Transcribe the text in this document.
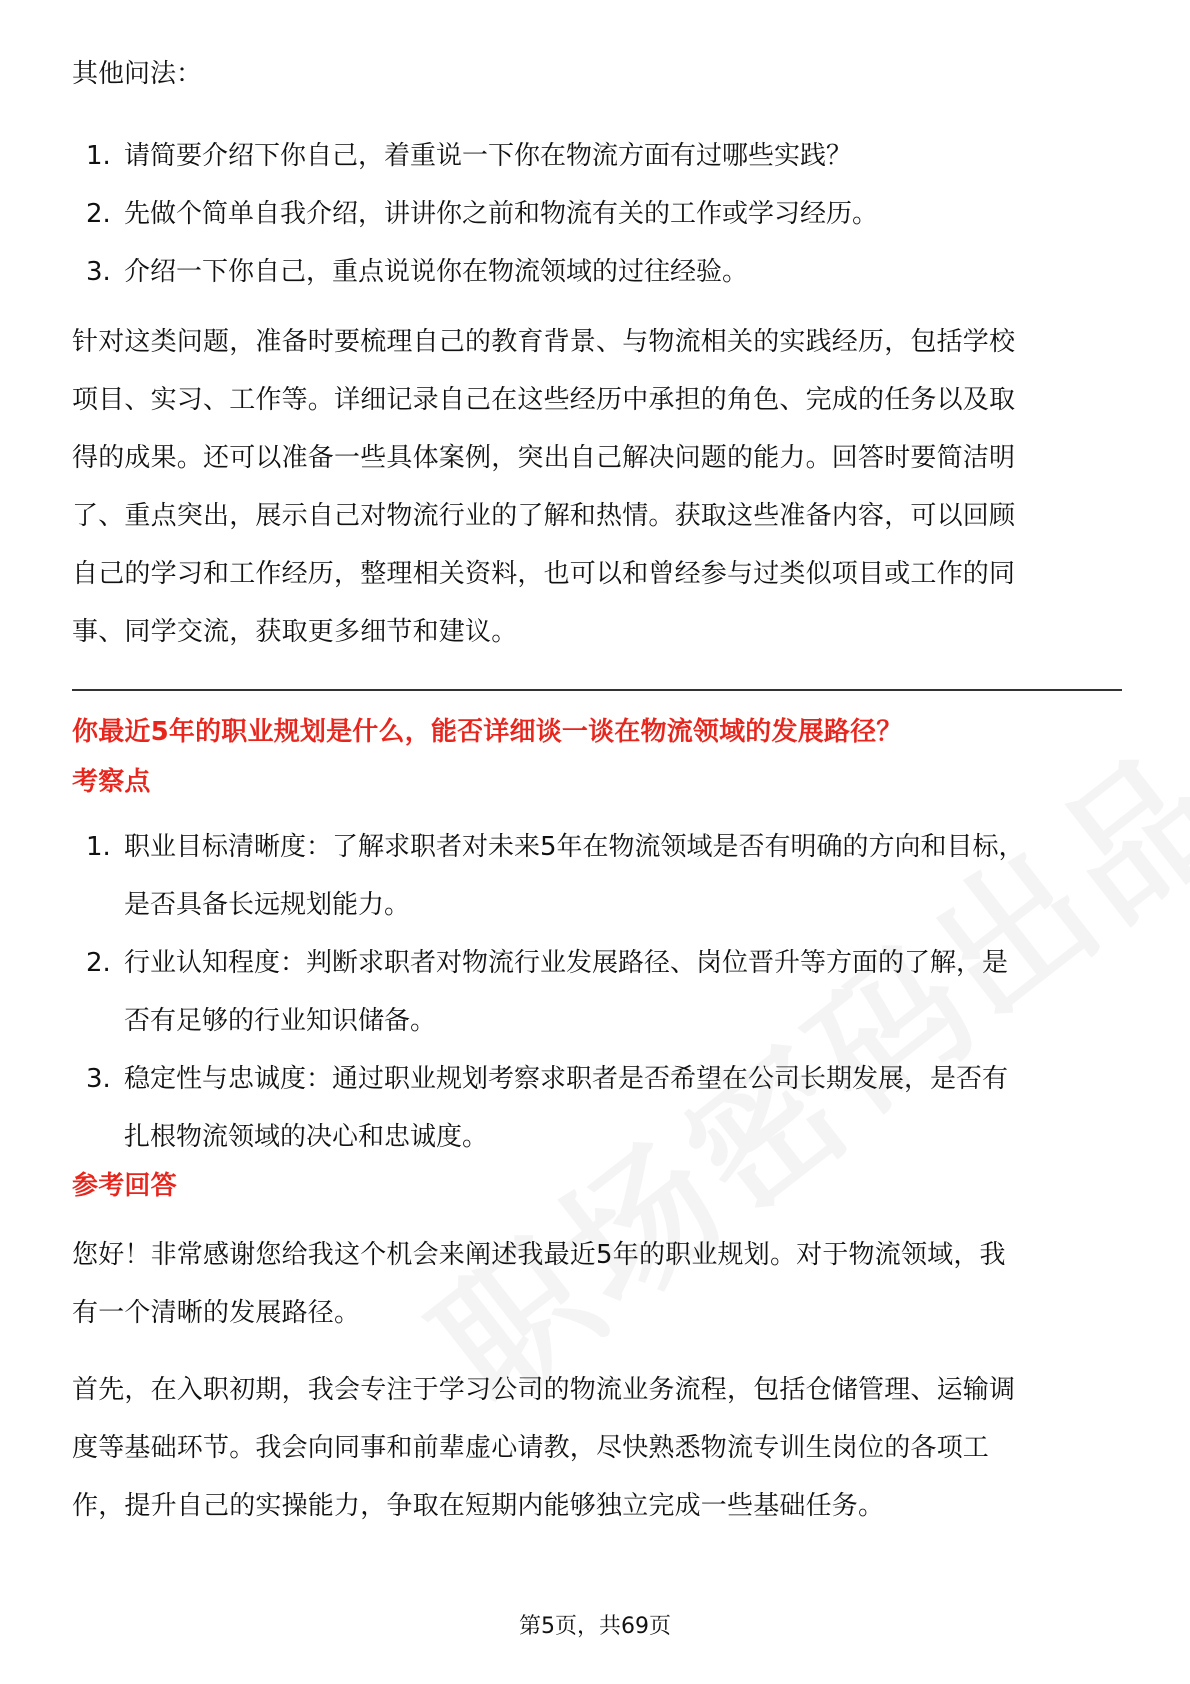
其他问法：
1. 请简要介绍下你自己，着重说一下你在物流方面有过哪些实践？
2. 先做个简单自我介绍，讲讲你之前和物流有关的工作或学习经历。
3. 介绍一下你自己，重点说说你在物流领域的过往经验。

针对这类问题，准备时要梳理自己的教育背景、与物流相关的实践经历，包括学校

项目、实习、工作等。详细记录自己在这些经历中承担的角色、完成的任务以及取

得的成果。还可以准备一些具体案例，突出自己解决问题的能力。回答时要简洁明

了、重点突出，展示自己对物流行业的了解和热情。获取这些准备内容，可以回顾

自己的学习和工作经历，整理相关资料，也可以和曾经参与过类似项目或工作的同

事、同学交流，获取更多细节和建议。

你最近5年的职业规划是什么，能否详细谈一谈在物流领域的发展路径？
考察点
1. 职业目标清晰度：了解求职者对未来5年在物流领域是否有明确的方向和目标，
是否具备长远规划能力。
2. 行业认知程度：判断求职者对物流行业发展路径、岗位晋升等方面的了解，是
否有足够的行业知识储备。
3. 稳定性与忠诚度：通过职业规划考察求职者是否希望在公司长期发展，是否有
扎根物流领域的决心和忠诚度。
参考回答

您好！非常感谢您给我这个机会来阐述我最近5年的职业规划。对于物流领域，我

有一个清晰的发展路径。

首先，在入职初期，我会专注于学习公司的物流业务流程，包括仓储管理、运输调

度等基础环节。我会向同事和前辈虚心请教，尽快熟悉物流专训生岗位的各项工

作，提升自己的实操能力，争取在短期内能够独立完成一些基础任务。

第5页，共69页
